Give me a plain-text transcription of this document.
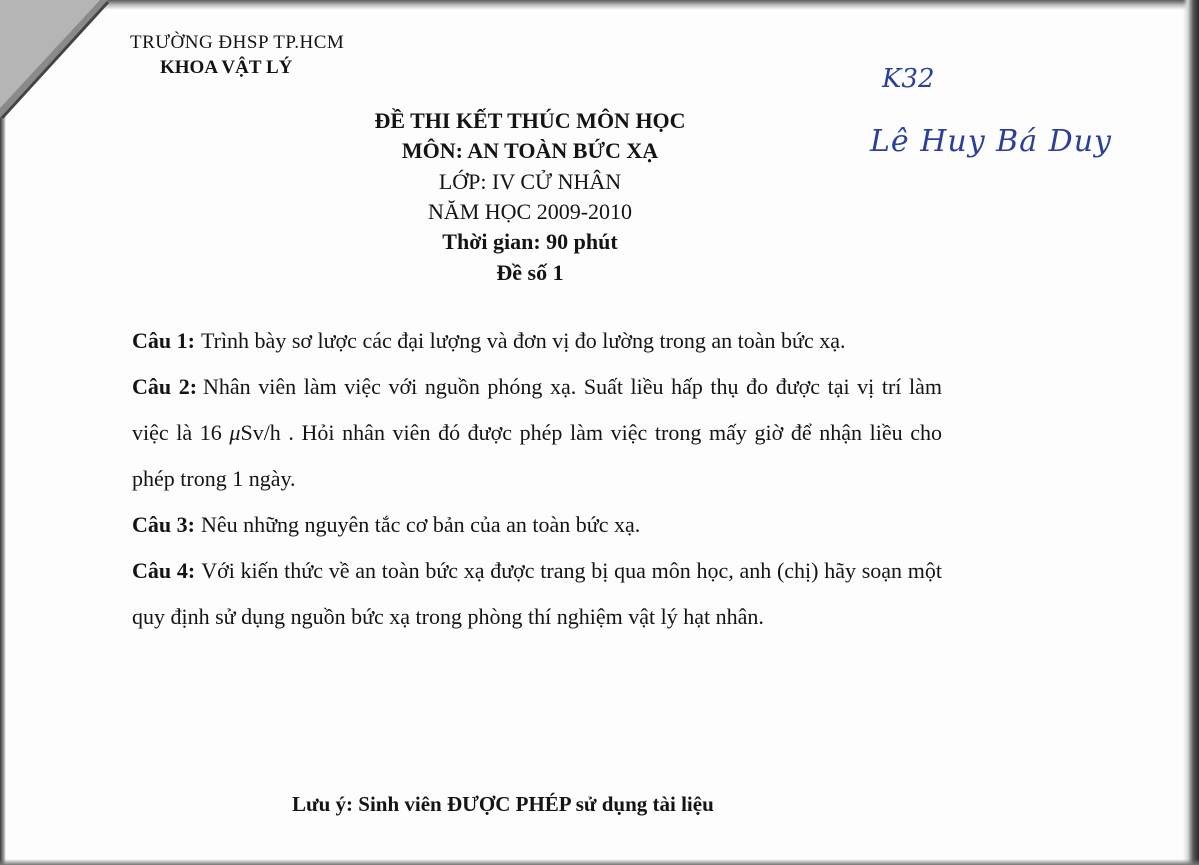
TRƯỜNG ĐHSP TP.HCM
KHOA VẬT LÝ
ĐỀ THI KẾT THÚC MÔN HỌC
MÔN: AN TOÀN BỨC XẠ
LỚP: IV CỬ NHÂN
NĂM HỌC 2009-2010
Thời gian: 90 phút
Đề số 1
K32
Lê Huy Bá Duy

Câu 1: Trình bày sơ lược các đại lượng và đơn vị đo lường trong an toàn bức xạ.

Câu 2: Nhân viên làm việc với nguồn phóng xạ. Suất liều hấp thụ đo được tại vị trí làm việc là 16 μSv/h . Hỏi nhân viên đó được phép làm việc trong mấy giờ để nhận liều cho phép trong 1 ngày.

Câu 3: Nêu những nguyên tắc cơ bản của an toàn bức xạ.

Câu 4: Với kiến thức về an toàn bức xạ được trang bị qua môn học, anh (chị) hãy soạn một quy định sử dụng nguồn bức xạ trong phòng thí nghiệm vật lý hạt nhân.

Lưu ý: Sinh viên ĐƯỢC PHÉP sử dụng tài liệu
